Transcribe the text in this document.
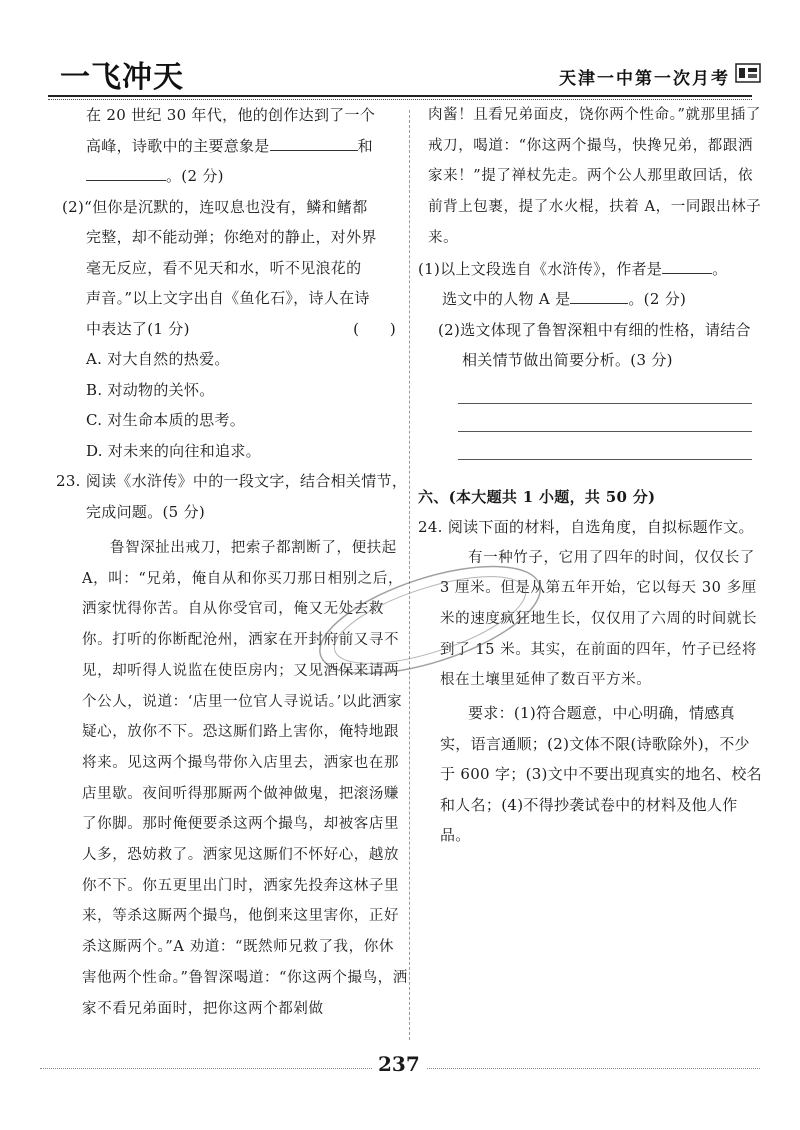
一飞冲天	天津一中第一次月考

在 20 世纪 30 年代，他的创作达到了一个

高峰，诗歌中的主要意象是	和

。(2 分)

(2)“但你是沉默的，连叹息也没有，鳞和鳍都

完整，却不能动弹；你绝对的静止，对外界

毫无反应，看不见天和水，听不见浪花的

声音。”以上文字出自《鱼化石》，诗人在诗

中表达了(1 分)	(　　)

A. 对大自然的热爱。

B. 对动物的关怀。

C. 对生命本质的思考。

D. 对未来的向往和追求。

23. 阅读《水浒传》中的一段文字，结合相关情节，

完成问题。(5 分)

鲁智深扯出戒刀，把索子都割断了，便扶起 A，叫：“兄弟，俺自从和你买刀那日相别之后，洒家忧得你苦。自从你受官司，俺又无处去救你。打听的你断配沧州，洒家在开封府前又寻不见，却听得人说监在使臣房内；又见酒保来请两个公人，说道：‘店里一位官人寻说话。’以此洒家疑心，放你不下。恐这厮们路上害你，俺特地跟将来。见这两个撮鸟带你入店里去，洒家也在那店里歇。夜间听得那厮两个做神做鬼，把滚汤赚了你脚。那时俺便要杀这两个撮鸟，却被客店里人多，恐妨救了。洒家见这厮们不怀好心，越放你不下。你五更里出门时，洒家先投奔这林子里来，等杀这厮两个撮鸟，他倒来这里害你，正好杀这厮两个。”A 劝道：“既然师兄救了我，你休害他两个性命。”鲁智深喝道：“你这两个撮鸟，洒家不看兄弟面时，把你这两个都剁做

肉酱！且看兄弟面皮，饶你两个性命。”就那里插了戒刀，喝道：“你这两个撮鸟，快搀兄弟，都跟洒家来！”提了禅杖先走。两个公人那里敢回话，依前背上包裹，提了水火棍，扶着 A，一同跟出林子来。

(1)以上文段选自《水浒传》，作者是	。

选文中的人物 A 是	。(2 分)

(2)选文体现了鲁智深粗中有细的性格，请结合相关情节做出简要分析。(3 分)

六、(本大题共 1 小题，共 50 分)

24. 阅读下面的材料，自选角度，自拟标题作文。

有一种竹子，它用了四年的时间，仅仅长了 3 厘米。但是从第五年开始，它以每天 30 多厘米的速度疯狂地生长，仅仅用了六周的时间就长到了 15 米。其实，在前面的四年，竹子已经将根在土壤里延伸了数百平方米。

要求：(1)符合题意，中心明确，情感真实，语言通顺；(2)文体不限(诗歌除外)，不少于 600 字；(3)文中不要出现真实的地名、校名和人名；(4)不得抄袭试卷中的材料及他人作品。

237
